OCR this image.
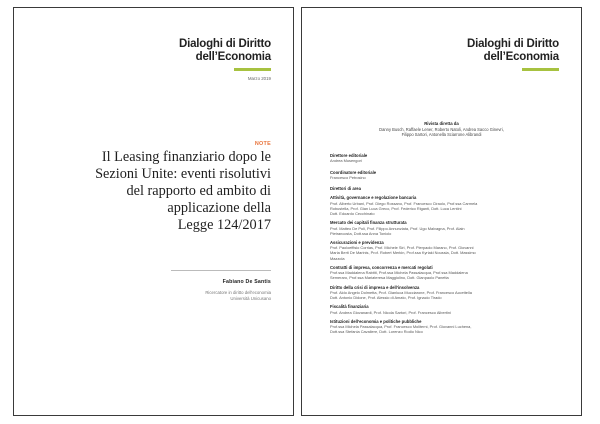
Dialoghi di Diritto
dell’Economia
Marzo 2019
NOTE
Il Leasing finanziario dopo le
Sezioni Unite: eventi risolutivi
del rapporto ed ambito di
applicazione della
Legge 124/2017
Fabiano De Santis
Ricercatore in diritto dell’economia
Università Unicusano
Dialoghi di Diritto
dell’Economia
Rivista diretta da
Danny Busch, Raffaele Lener, Roberto Natoli, Andrea Sacco Ginevri,
Filippo Sartori, Antonella Sciarrone Alibrandi
Direttore editoriale
Andrea Musengori
Coordinatore editoriale
Francesco Petrosino
Direttori di area
Attività, governance e regolazione bancaria
Prof. Alberto Urbani, Prof. Diego Rossano, Prof. Francesco Ciraolo, Prof.ssa Carmela
Robustella, Prof. Gian Luca Greco, Prof. Federico Riganti, Dott. Luca Lentini
Dott. Edoardo Cecchinato
Mercato dei capitali finanza strutturata
Prof. Matteo De Poli, Prof. Filippo Annunziata, Prof. Ugo Malvagna, Prof. Alain
Pietrancosta, Dott.ssa Anna Toniolo
Assicurazioni e previdenza
Prof. Paoloeffisio Corrias, Prof. Michele Siri, Prof. Pierpaolo Marano, Prof. Giovanni
Maria Berti De Marinis, Prof. Robert Merkin, Prof.ssa Kyriaki Noussia, Dott. Massimo
Mazzola
Contratti di impresa, concorrenza e mercati regolati
Prof.ssa Maddalena Rabitti, Prof.ssa Michela Passalacqua, Prof.ssa Maddalena
Semeraro, Prof.ssa Mariateresa Maggiolino, Dott. Gianpaolo Panetta
Diritto della crisi di impresa e dell’insolvenza
Prof. Aldo Angelo Dolmetta, Prof. Gianluca Mucciarone, Prof. Francesco Accettella
Dott. Antonio Didone, Prof. Alessio di Amato, Prof. Ignacio Tirado
Fiscalità finanziaria
Prof. Andrea Giovanardi, Prof. Nicola Sartori, Prof. Francesco Albertini
Istituzioni dell’economia e politiche pubbliche
Prof.ssa Michela Passalacqua, Prof. Francesco Moliterni, Prof. Giovanni Luchena,
Dott.ssa Stefania Cavaliere, Dott. Lorenzo Rodio Nico
